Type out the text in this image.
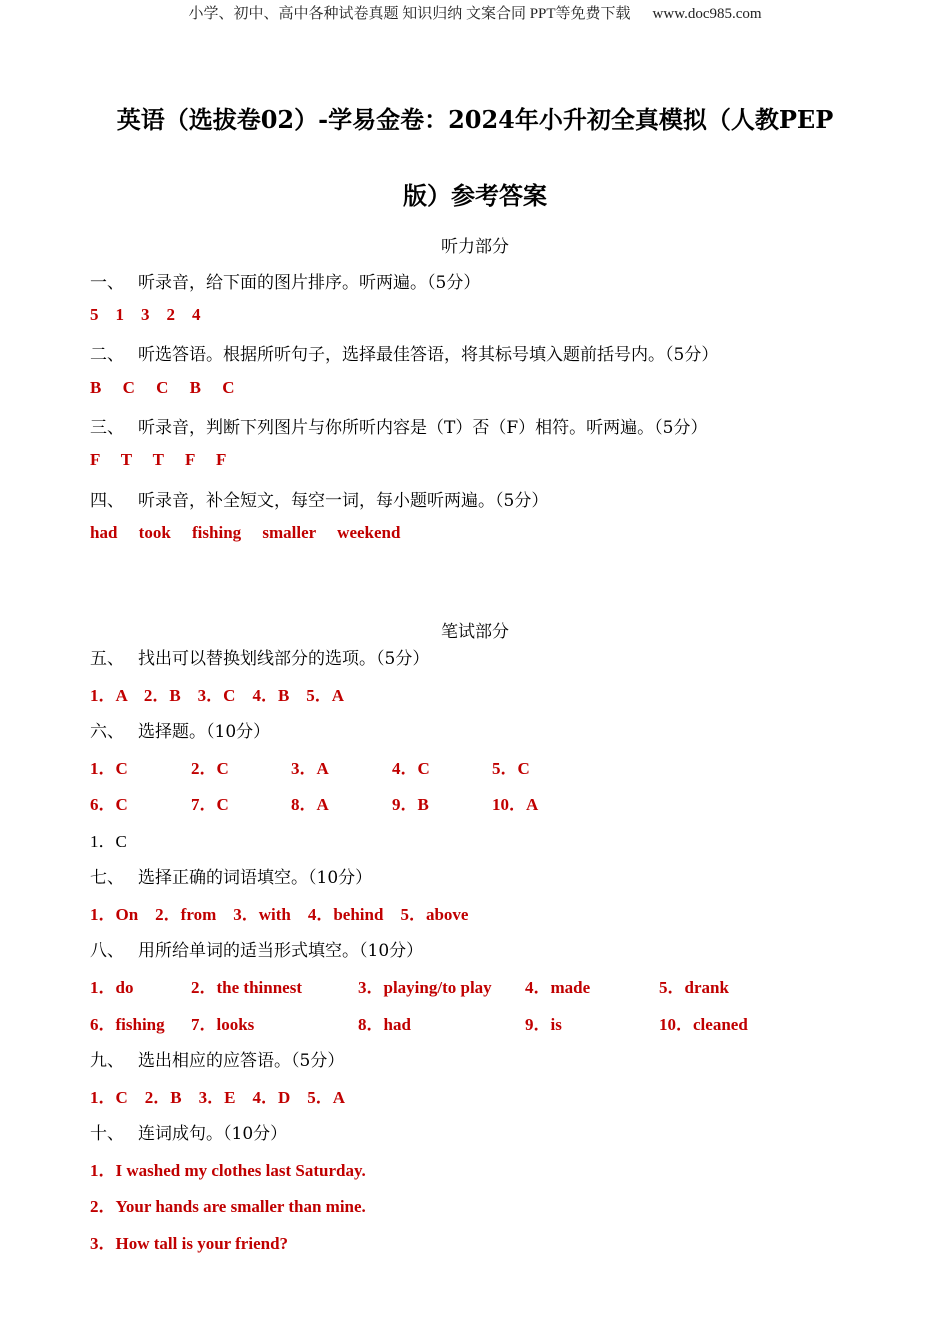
小学、初中、高中各种试卷真题 知识归纳 文案合同 PPT等免费下载 www.doc985.com
英语（选拔卷02）-学易金卷：2024年小升初全真模拟（人教PEP
版）参考答案
听力部分
一、 听录音，给下面的图片排序。听两遍。（5分）
5    1    3    2    4
二、 听选答语。根据所听句子，选择最佳答语，将其标号填入题前括号内。（5分）
B     C     C     B     C
三、 听录音，判断下列图片与你所听内容是（T）否（F）相符。听两遍。（5分）
F     T     T     F     F
四、 听录音，补全短文，每空一词，每小题听两遍。（5分）
had     took     fishing     smaller     weekend
笔试部分
五、 找出可以替换划线部分的选项。（5分）
1．A    2．B    3．C    4．B    5．A
六、 选择题。（10分）
1．C	2．C	3．A	4．C	5．C
6．C	7．C	8．A	9．B	10．A
1．C
七、 选择正确的词语填空。（10分）
1．On    2．from    3．with    4．behind    5．above
八、 用所给单词的适当形式填空。（10分）
1．do	2．the thinnest	3．playing/to play 4．made	5．drank
6．fishing 7．looks	8．had	9．is	10．cleaned
九、 选出相应的应答语。（5分）
1．C    2．B    3．E    4．D    5．A
十、 连词成句。（10分）
1．I washed my clothes last Saturday.
2．Your hands are smaller than mine.
3．How tall is your friend?
